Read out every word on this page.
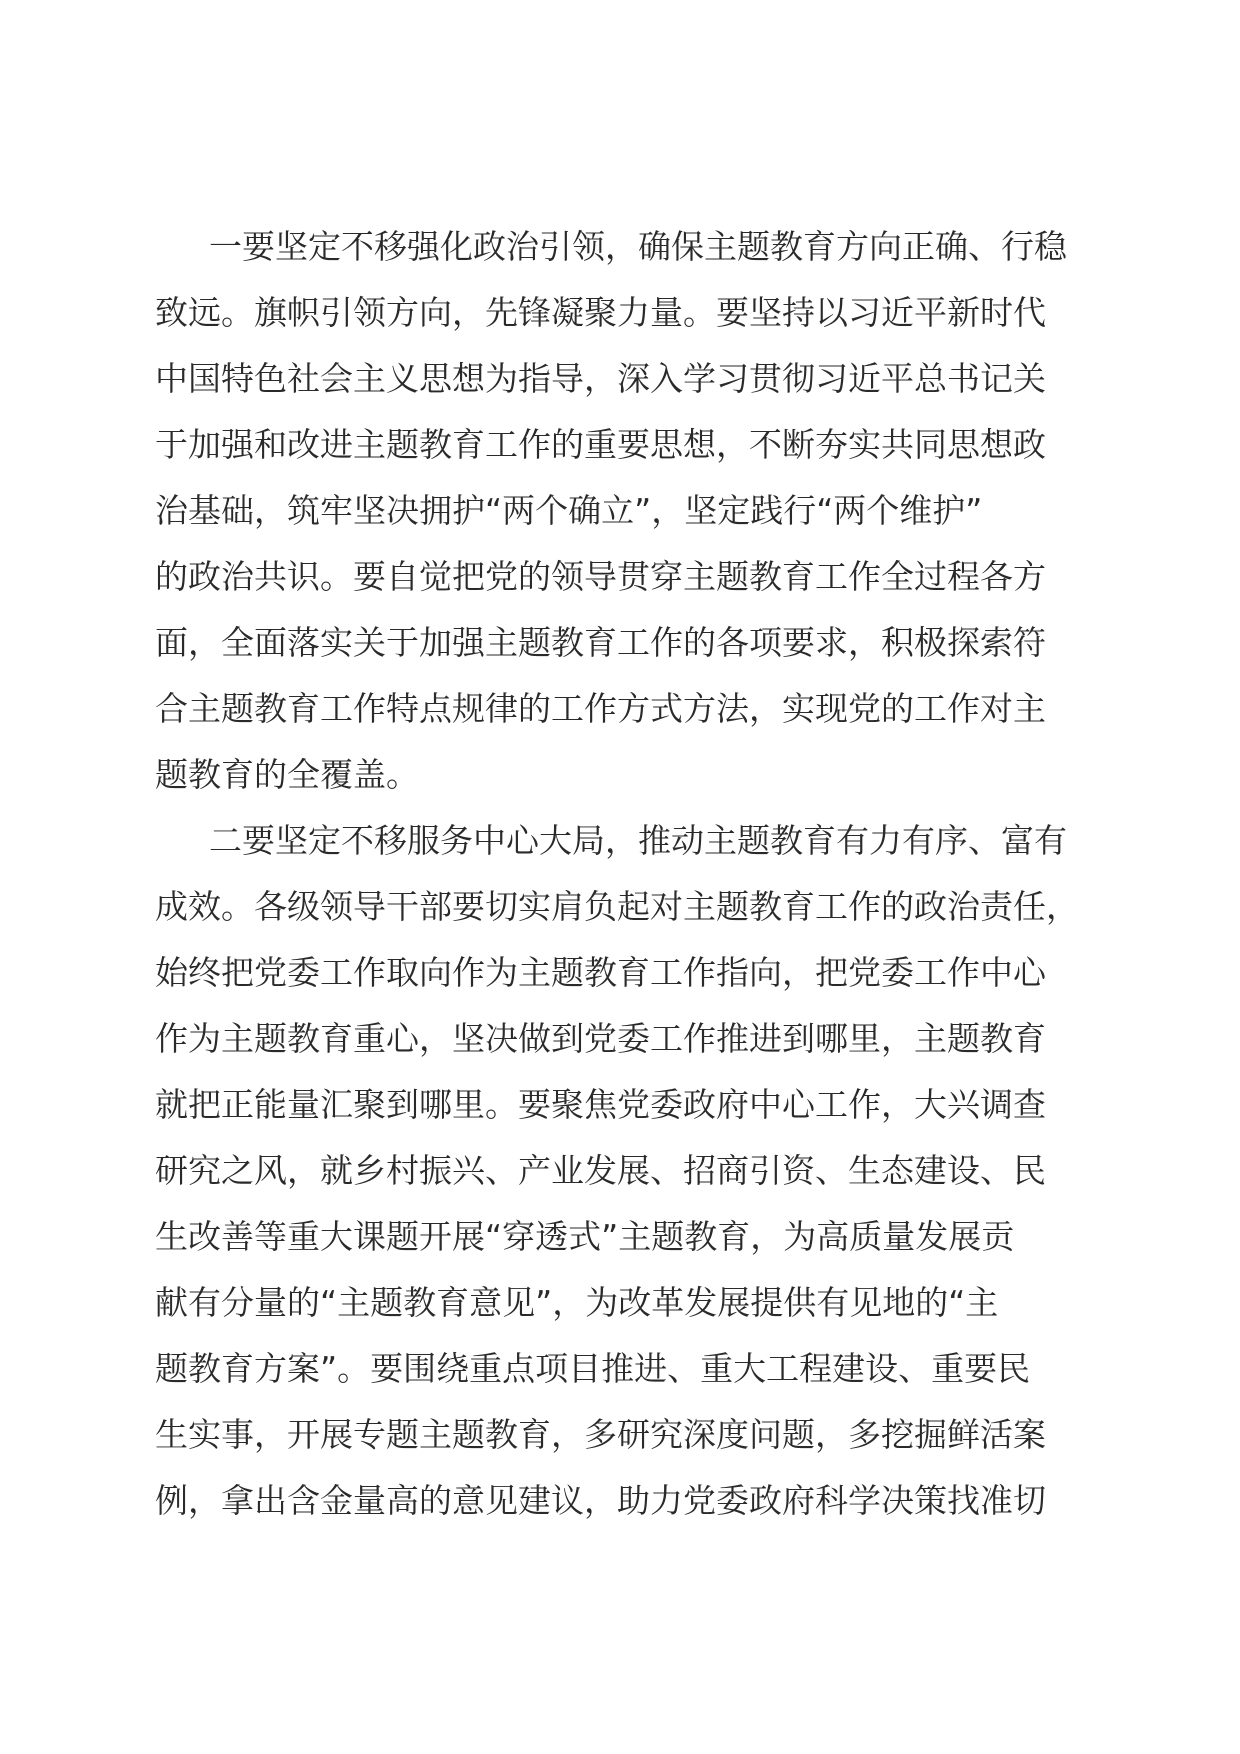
一要坚定不移强化政治引领，确保主题教育方向正确、行稳
致远。旗帜引领方向，先锋凝聚力量。要坚持以习近平新时代
中国特色社会主义思想为指导，深入学习贯彻习近平总书记关
于加强和改进主题教育工作的重要思想，不断夯实共同思想政
治基础，筑牢坚决拥护“两个确立”，坚定践行“两个维护”
的政治共识。要自觉把党的领导贯穿主题教育工作全过程各方
面，全面落实关于加强主题教育工作的各项要求，积极探索符
合主题教育工作特点规律的工作方式方法，实现党的工作对主
题教育的全覆盖。

二要坚定不移服务中心大局，推动主题教育有力有序、富有
成效。各级领导干部要切实肩负起对主题教育工作的政治责任，
始终把党委工作取向作为主题教育工作指向，把党委工作中心
作为主题教育重心，坚决做到党委工作推进到哪里，主题教育
就把正能量汇聚到哪里。要聚焦党委政府中心工作，大兴调查
研究之风，就乡村振兴、产业发展、招商引资、生态建设、民
生改善等重大课题开展“穿透式”主题教育，为高质量发展贡
献有分量的“主题教育意见”，为改革发展提供有见地的“主
题教育方案”。要围绕重点项目推进、重大工程建设、重要民
生实事，开展专题主题教育，多研究深度问题，多挖掘鲜活案
例，拿出含金量高的意见建议，助力党委政府科学决策找准切
